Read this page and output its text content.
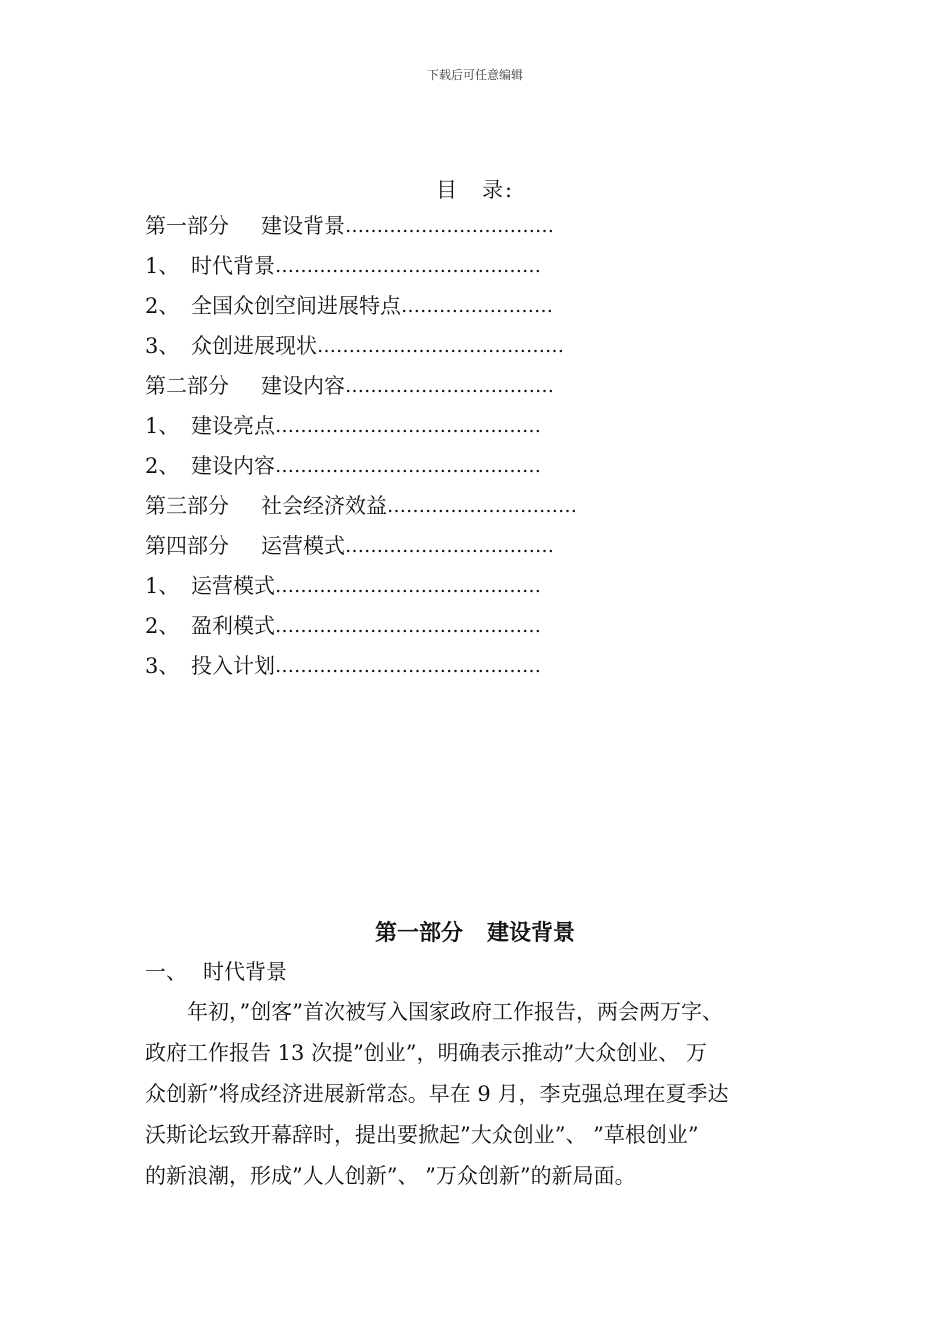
下载后可任意编辑
目　录:
第一部分	建设背景 ……………………………
1、 时代背景 ……………………………………
2、 全国众创空间进展特点 ……………………
3、 众创进展现状 …………………………………
第二部分	建设内容 ……………………………
1、 建设亮点 ……………………………………
2、 建设内容 ……………………………………
第三部分	社会经济效益 …………………………
第四部分	运营模式 ……………………………
1、 运营模式 ……………………………………
2、 盈利模式 ……………………………………
3、 投入计划 ……………………………………
第一部分 建设背景
一、 时代背景
　　年初，”创客”首次被写入国家政府工作报告，两会两万字、
政府工作报告 13 次提”创业”，明确表示推动”大众创业、 万
众创新”将成经济进展新常态。早在 9 月，李克强总理在夏季达
沃斯论坛致开幕辞时，提出要掀起”大众创业”、 ”草根创业”
的新浪潮，形成”人人创新”、 ”万众创新”的新局面。
